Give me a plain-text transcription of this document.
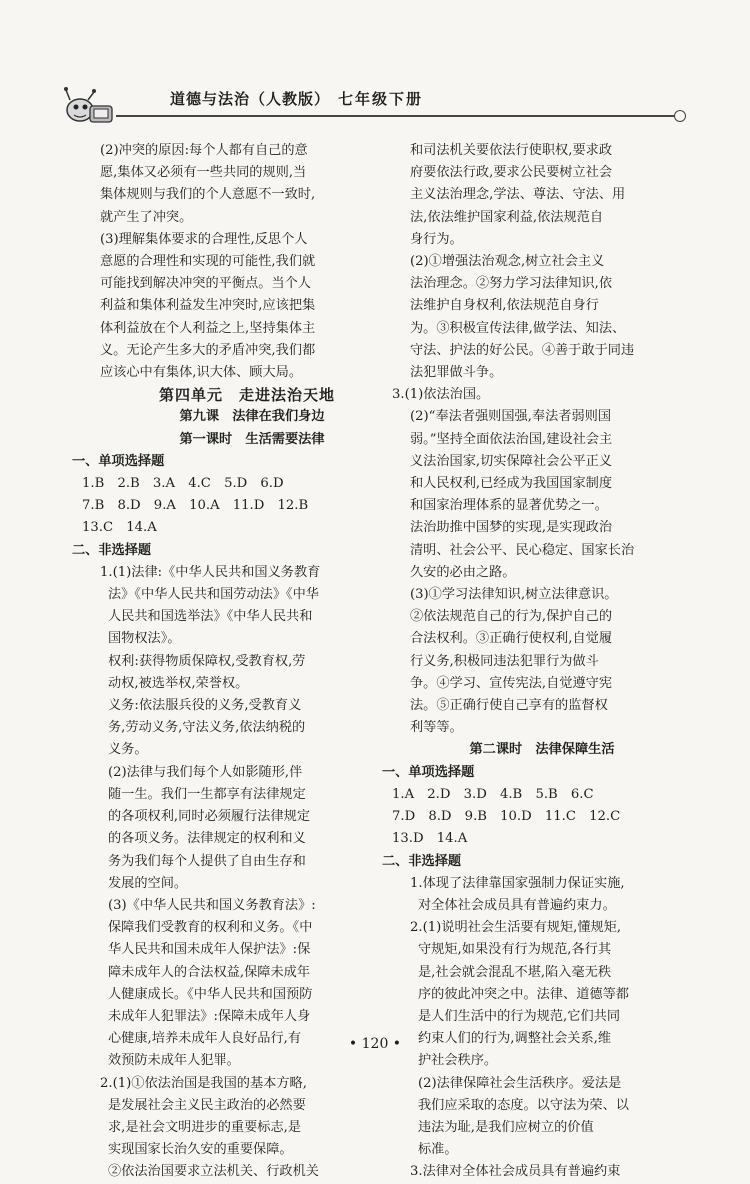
道德与法治（人教版） 七年级下册

(2)冲突的原因:每个人都有自己的意

愿,集体又必须有一些共同的规则,当

集体规则与我们的个人意愿不一致时,

就产生了冲突。

(3)理解集体要求的合理性,反思个人

意愿的合理性和实现的可能性,我们就

可能找到解决冲突的平衡点。当个人

利益和集体利益发生冲突时,应该把集

体利益放在个人利益之上,坚持集体主

义。无论产生多大的矛盾冲突,我们都

应该心中有集体,识大体、顾大局。

第四单元　走进法治天地

第九课　法律在我们身边

第一课时　生活需要法律

一、单项选择题

1.B　2.B　3.A　4.C　5.D　6.D

7.B　8.D　9.A　10.A　11.D　12.B

13.C　14.A

二、非选择题

1.(1)法律:《中华人民共和国义务教育

法》《中华人民共和国劳动法》《中华

人民共和国选举法》《中华人民共和

国物权法》。

权利:获得物质保障权,受教育权,劳

动权,被选举权,荣誉权。

义务:依法服兵役的义务,受教育义

务,劳动义务,守法义务,依法纳税的

义务。

(2)法律与我们每个人如影随形,伴

随一生。我们一生都享有法律规定

的各项权利,同时必须履行法律规定

的各项义务。法律规定的权利和义

务为我们每个人提供了自由生存和

发展的空间。

(3)《中华人民共和国义务教育法》:

保障我们受教育的权利和义务。《中

华人民共和国未成年人保护法》:保

障未成年人的合法权益,保障未成年

人健康成长。《中华人民共和国预防

未成年人犯罪法》:保障未成年人身

心健康,培养未成年人良好品行,有

效预防未成年人犯罪。

2.(1)①依法治国是我国的基本方略,

是发展社会主义民主政治的必然要

求,是社会文明进步的重要标志,是

实现国家长治久安的重要保障。

②依法治国要求立法机关、行政机关

和司法机关要依法行使职权,要求政

府要依法行政,要求公民要树立社会

主义法治理念,学法、尊法、守法、用

法,依法维护国家利益,依法规范自

身行为。

(2)①增强法治观念,树立社会主义

法治理念。②努力学习法律知识,依

法维护自身权利,依法规范自身行

为。③积极宣传法律,做学法、知法、

守法、护法的好公民。④善于敢于同违

法犯罪做斗争。

3.(1)依法治国。

(2)“奉法者强则国强,奉法者弱则国

弱。”坚持全面依法治国,建设社会主

义法治国家,切实保障社会公平正义

和人民权利,已经成为我国国家制度

和国家治理体系的显著优势之一。

法治助推中国梦的实现,是实现政治

清明、社会公平、民心稳定、国家长治

久安的必由之路。

(3)①学习法律知识,树立法律意识。

②依法规范自己的行为,保护自己的

合法权利。③正确行使权利,自觉履

行义务,积极同违法犯罪行为做斗

争。④学习、宣传宪法,自觉遵守宪

法。⑤正确行使自己享有的监督权

利等等。

第二课时　法律保障生活

一、单项选择题

1.A　2.D　3.D　4.B　5.B　6.C

7.D　8.D　9.B　10.D　11.C　12.C

13.D　14.A

二、非选择题

1.体现了法律靠国家强制力保证实施,

对全体社会成员具有普遍约束力。

2.(1)说明社会生活要有规矩,懂规矩,

守规矩,如果没有行为规范,各行其

是,社会就会混乱不堪,陷入毫无秩

序的彼此冲突之中。法律、道德等都

是人们生活中的行为规范,它们共同

约束人们的行为,调整社会关系,维

护社会秩序。

(2)法律保障社会生活秩序。爱法是

我们应采取的态度。以守法为荣、以

违法为耻,是我们应树立的价值

标准。

3.法律对全体社会成员具有普遍约束

• 120 •
